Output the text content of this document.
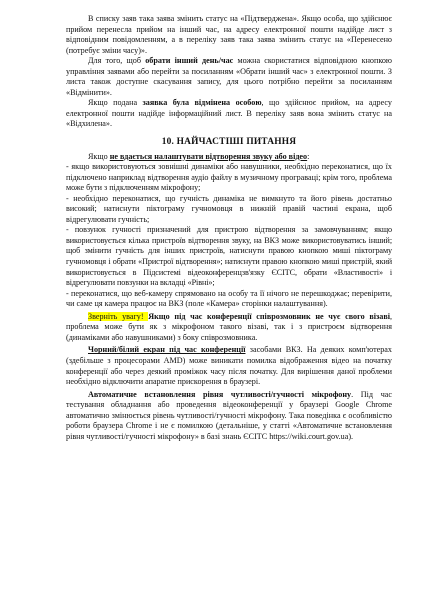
В списку заяв така заява змінить статус на «Підтверджена». Якщо особа, що здійснює прийом перенесла прийом на інший час, на адресу електронної пошти надійде лист з відповідним повідомленням, а в переліку заяв така заява змінить статус на «Перенесено (потребує зміни часу)».

Для того, щоб обрати інший день/час можна скористатися відповідною кнопкою управління заявами або перейти за посиланням «Обрати інший час» з електронної пошти. З листа також доступне скасування запису, для цього потрібно перейти за посиланням «Відмінити».

Якщо подана заявка була відмінена особою, що здійснює прийом, на адресу електронної пошти надійде інформаційний лист. В переліку заяв вона змінить статус на «Відхилена».

10. НАЙЧАСТІШІ ПИТАННЯ

Якщо не вдається налаштувати відтворення звуку або відео:

- якщо використовуються зовнішні динаміки або навушники, необхідно переконатися, що їх підключено наприклад відтворення аудіо файлу в музичному програваці; крім того, проблема може бути з підключенням мікрофону;

- необхідно переконатися, що гучність динаміка не вимкнуто та його рівень достатньо високий; натиснути піктограму гучномовця в нижній правій частині екрана, щоб відрегулювати гучність;

- повзунок гучності призначений для пристрою відтворення за замовчуванням; якщо використовується кілька пристроїв відтворення звуку, на ВКЗ може використовуватись інший; щоб змінити гучність для інших пристроїв, натиснути правою кнопкою миші піктограму гучномовця і обрати «Пристрої відтворення»; натиснути правою кнопкою миші пристрій, який використовується в Підсистемі відеоконференцзв'язку ЄСІТС, обрати «Властивості» і відрегулювати повзунки на вкладці «Рівні»;

- переконатися, що веб-камеру спрямовано на особу та її нічого не перешкоджає; перевірити, чи саме ця камера працює на ВКЗ (поле «Камера» сторінки налаштування).

Зверніть увагу! Якщо під час конференції співрозмовник не чує свого візаві, проблема може бути як з мікрофоном такого візаві, так і з пристроєм відтворення (динаміками або навушниками) з боку співрозмовника.

Чорний/білий екран під час конференції засобами ВКЗ. На деяких комп'ютерах (здебільше з процесорами AMD) може виникати помилка відображення відео на початку конференції або через деякий проміжок часу після початку. Для вирішення даної проблеми необхідно відключити апаратне прискорення в браузері.

Автоматичне встановлення рівня чутливості/гучності мікрофону. Під час тестування обладнання або проведення відеоконференції у браузері Google Chrome автоматично змінюється рівень чутливості/гучності мікрофону. Така поведінка є особливістю роботи браузера Chrome і не є помилкою (детальніше, у статті «Автоматичне встановлення рівня чутливості/гучності мікрофону» в базі знань ЄСІТС https://wiki.court.gov.ua).
